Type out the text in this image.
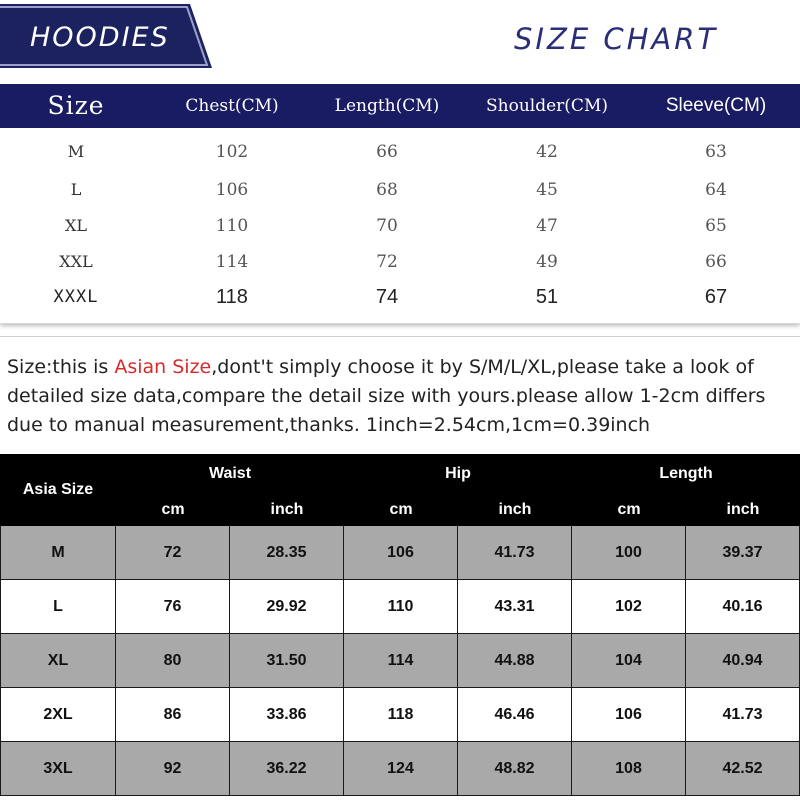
HOODIES	SIZE CHART
Size	Chest(CM)	Length(CM)	Shoulder(CM)	Sleeve(CM)
M	102	66	42	63
L	106	68	45	64
XL	110	70	47	65
XXL	114	72	49	66
XXXL	118	74	51	67

Size:this is Asian Size,dont't simply choose it by S/M/L/XL,please take a look of detailed size data,compare the detail size with yours.please allow 1-2cm differs due to manual measurement,thanks. 1inch=2.54cm,1cm=0.39inch

Asia Size
Waist	Hip	Length
cm	inch	cm	inch	cm	inch
M	72	28.35	106	41.73	100	39.37
L	76	29.92	110	43.31	102	40.16
XL	80	31.50	114	44.88	104	40.94
2XL	86	33.86	118	46.46	106	41.73
3XL	92	36.22	124	48.82	108	42.52
